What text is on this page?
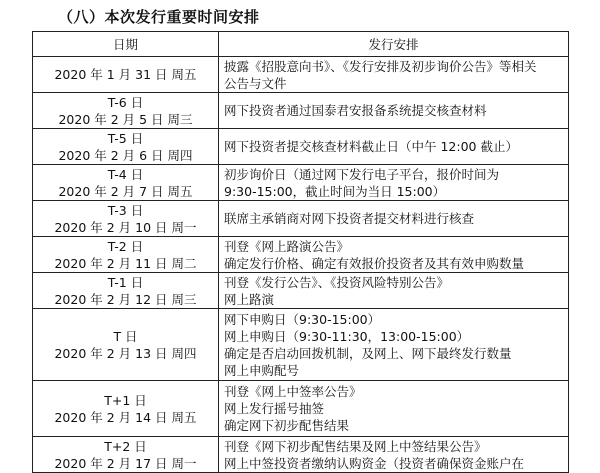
（八）本次发行重要时间安排
日期	发行安排

2020 年 1 月 31 日 周五	披露《招股意向书》、《发行安排及初步询价公告》等相关
公告与文件

T-6 日
2020 年 2 月 5 日 周三	网下投资者通过国泰君安报备系统提交核查材料

T-5 日
2020 年 2 月 6 日 周四	网下投资者提交核查材料截止日（中午 12:00 截止）

T-4 日
2020 年 2 月 7 日 周五	初步询价日（通过网下发行电子平台，报价时间为
9:30-15:00，截止时间为当日 15:00）

T-3 日
2020 年 2 月 10 日 周一	联席主承销商对网下投资者提交材料进行核查

T-2 日
2020 年 2 月 11 日 周二	刊登《网上路演公告》
确定发行价格、确定有效报价投资者及其有效申购数量

T-1 日
2020 年 2 月 12 日 周三	刊登《发行公告》、《投资风险特别公告》
网上路演

T 日
2020 年 2 月 13 日 周四	网下申购日（9:30-15:00）
网上申购日（9:30-11:30，13:00-15:00）
确定是否启动回拨机制，及网上、网下最终发行数量
网上申购配号

T+1 日
2020 年 2 月 14 日 周五	刊登《网上中签率公告》
网上发行摇号抽签
确定网下初步配售结果

T+2 日
2020 年 2 月 17 日 周一	刊登《网下初步配售结果及网上中签结果公告》
网上中签投资者缴纳认购资金（投资者确保资金账户在
